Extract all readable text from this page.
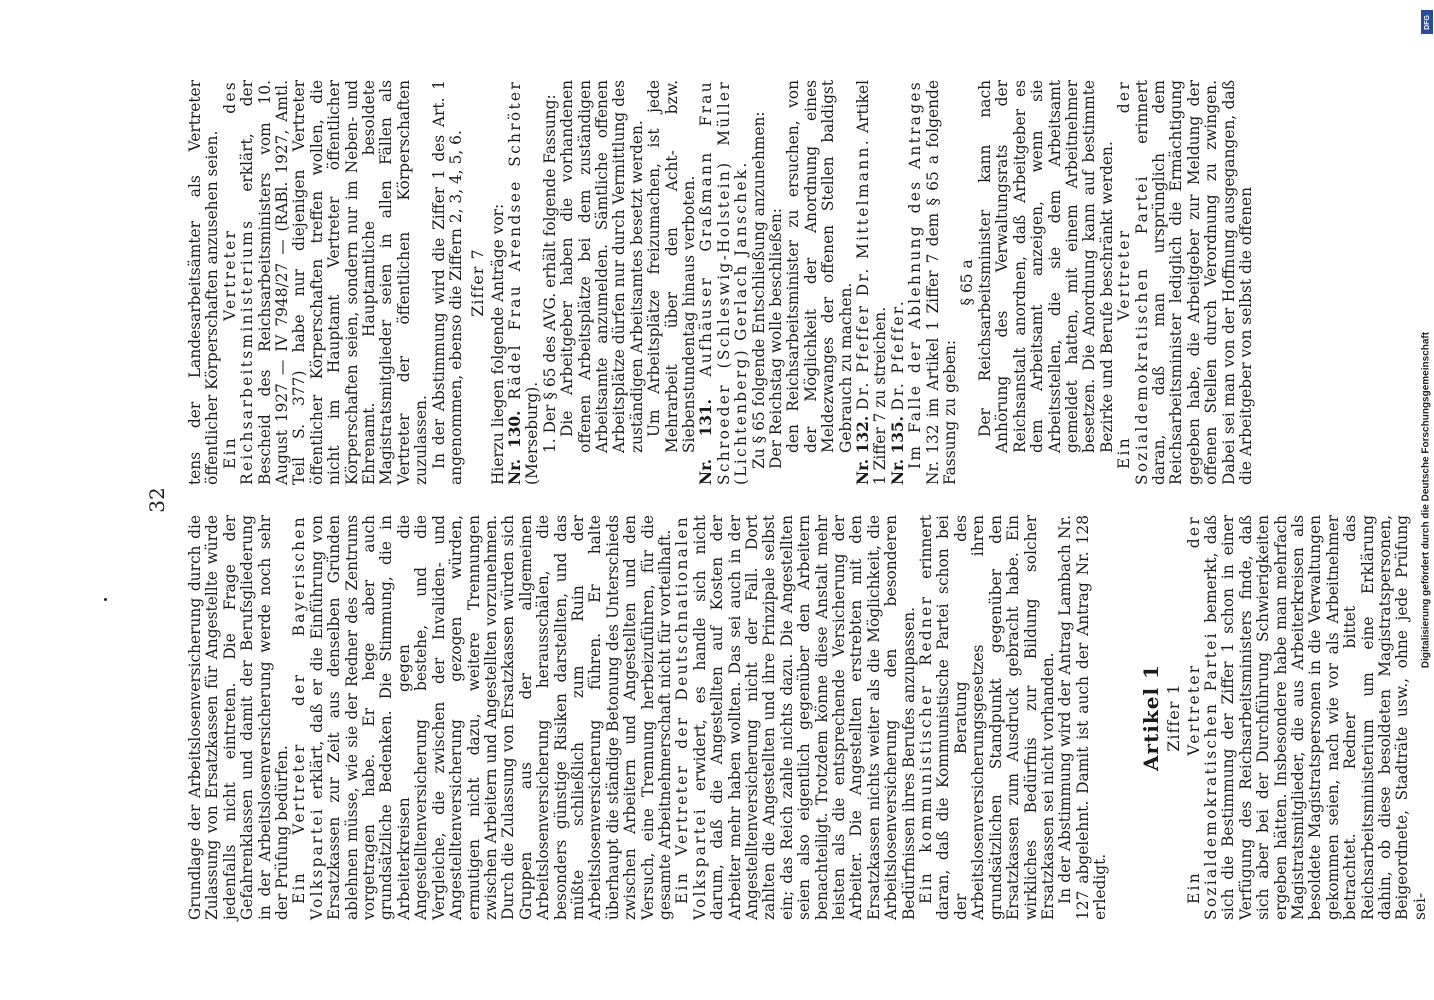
32

Grundlage der Arbeitslosenversicherung durch die Zulassung von Ersatzkassen für Angestellte würde jedenfalls nicht eintreten. Die Frage der Gefahrenklassen und damit der Berufsgliederung in der Arbeitslosenversicherung werde noch sehr der Prüfung bedürfen. Ein Vertreter der Bayerischen Volkspartei erklärt, daß er die Einführung von Ersatzkassen zur Zeit aus denselben Gründen ablehnen müsse, wie sie der Redner des Zentrums vorgetragen habe. Er hege aber auch grundsätzliche Bedenken. Die Stimmung, die in Arbeiterkreisen gegen die Angestelltenversicherung bestehe, und die Vergleiche, die zwischen der Invaliden- und Angestelltenversicherung gezogen würden, ermutigen nicht dazu, weitere Trennungen zwischen Arbeitern und Angestellten vorzunehmen. Durch die Zulassung von Ersatzkassen würden sich Gruppen aus der allgemeinen Arbeitslosenversicherung herausschälen, die besonders günstige Risiken darstellten, und das müßte schließlich zum Ruin der Arbeitslosenversicherung führen. Er halte überhaupt die ständige Betonung des Unterschieds zwischen Arbeitern und Angestellten und den Versuch, eine Trennung herbeizuführen, für die gesamte Arbeitnehmerschaft nicht für vorteilhaft. Ein Vertreter der Deutschnationalen Volkspartei erwidert, es handle sich nicht darum, daß die Angestellten auf Kosten der Arbeiter mehr haben wollten. Das sei auch in der Angestelltenversicherung nicht der Fall. Dort zahlten die Angestellten und ihre Prinzipale selbst ein; das Reich zahle nichts dazu. Die Angestellten seien also eigentlich gegenüber den Arbeitern benachteiligt. Trotzdem könne diese Anstalt mehr leisten als die entsprechende Versicherung der Arbeiter. Die Angestellten erstrebten mit den Ersatzkassen nichts weiter als die Möglichkeit, die Arbeitslosenversicherung den besonderen Bedürfnissen ihres Berufes anzupassen. Ein kommunistischer Redner erinnert daran, daß die Kommunistische Partei schon bei der Beratung des Arbeitslosenversicherungsgesetzes ihren grundsätzlichen Standpunkt gegenüber den Ersatzkassen zum Ausdruck gebracht habe. Ein wirkliches Bedürfnis zur Bildung solcher Ersatzkassen sei nicht vorhanden. In der Abstimmung wird der Antrag Lambach Nr. 127 abgelehnt. Damit ist auch der Antrag Nr. 128 erledigt.

Artikel 1 Ziffer 1 Ein Vertreter der Sozialdemokratischen Partei bemerkt, daß sich die Bestimmung der Ziffer 1 schon in einer Verfügung des Reichsarbeitsministers finde, daß sich aber bei der Durchführung Schwierigkeiten ergeben hätten. Insbesondere habe man mehrfach Magistratsmitglieder, die aus Arbeiterkreisen als besoldete Magistratspersonen in die Verwaltungen gekommen seien, nach wie vor als Arbeitnehmer betrachtet. Redner bittet das Reichsarbeitsministerium um eine Erklärung dahin, ob diese besoldeten Magistratspersonen, Beigeordnete, Stadträte usw., ohne jede Prüfung sei-

tens der Landesarbeitsämter als Vertreter öffentlicher Körperschaften anzusehen seien. Ein Vertreter des Reichsarbeitsministeriums erklärt, der Bescheid des Reichsarbeitsministers vom 10. August 1927 — IV 7948/27 — (RABl. 1927, Amtl. Teil S. 377) habe nur diejenigen Vertreter öffentlicher Körperschaften treffen wollen, die nicht im Hauptamt Vertreter öffentlicher Körperschaften seien, sondern nur im Neben- und Ehrenamt. Hauptamtliche besoldete Magistratsmitglieder seien in allen Fällen als Vertreter der öffentlichen Körperschaften zuzulassen. In der Abstimmung wird die Ziffer 1 des Art. 1 angenommen, ebenso die Ziffern 2, 3, 4, 5, 6. Ziffer 7 Hierzu liegen folgende Anträge vor: Nr. 130. Rädel Frau Arendsee Schröter (Merseburg). 1. Der § 65 des AVG. erhält folgende Fassung: Die Arbeitgeber haben die vorhandenen offenen Arbeitsplätze bei dem zuständigen Arbeitsamte anzumelden. Sämtliche offenen Arbeitsplätze dürfen nur durch Vermittlung des zuständigen Arbeitsamtes besetzt werden. Um Arbeitsplätze freizumachen, ist jede Mehrarbeit über den Acht- bzw. Siebenstundentag hinaus verboten. Nr. 131. Aufhäuser Graßmann Frau Schroeder (Schleswig-Holstein) Müller (Lichtenberg) Gerlach Janschek. Zu § 65 folgende Entschließung anzunehmen: Der Reichstag wolle beschließen: den Reichsarbeitsminister zu ersuchen, von der Möglichkeit der Anordnung eines Meldezwanges der offenen Stellen baldigst Gebrauch zu machen. Nr. 132. Dr. Pfeffer Dr. Mittelmann. Artikel 1 Ziffer 7 zu streichen. Nr. 135. Dr. Pfeffer. Im Falle der Ablehnung des Antrages Nr. 132 im Artikel 1 Ziffer 7 dem § 65 a folgende Fassung zu geben:

§ 65 a Der Reichsarbeitsminister kann nach Anhörung des Verwaltungsrats der Reichsanstalt anordnen, daß Arbeitgeber es dem Arbeitsamt anzeigen, wenn sie Arbeitsstellen, die sie dem Arbeitsamt gemeldet hatten, mit einem Arbeitnehmer besetzen. Die Anordnung kann auf bestimmte Bezirke und Berufe beschränkt werden. Ein Vertreter der Sozialdemokratischen Partei erinnert daran, daß man ursprünglich dem Reichsarbeitsminister lediglich die Ermächtigung gegeben habe, die Arbeitgeber zur Meldung der offenen Stellen durch Verordnung zu zwingen. Dabei sei man von der Hoffnung ausgegangen, daß die Arbeitgeber von selbst die offenen

DFG
Digitalisierung gefördert durch die Deutsche Forschungsgemeinschaft
